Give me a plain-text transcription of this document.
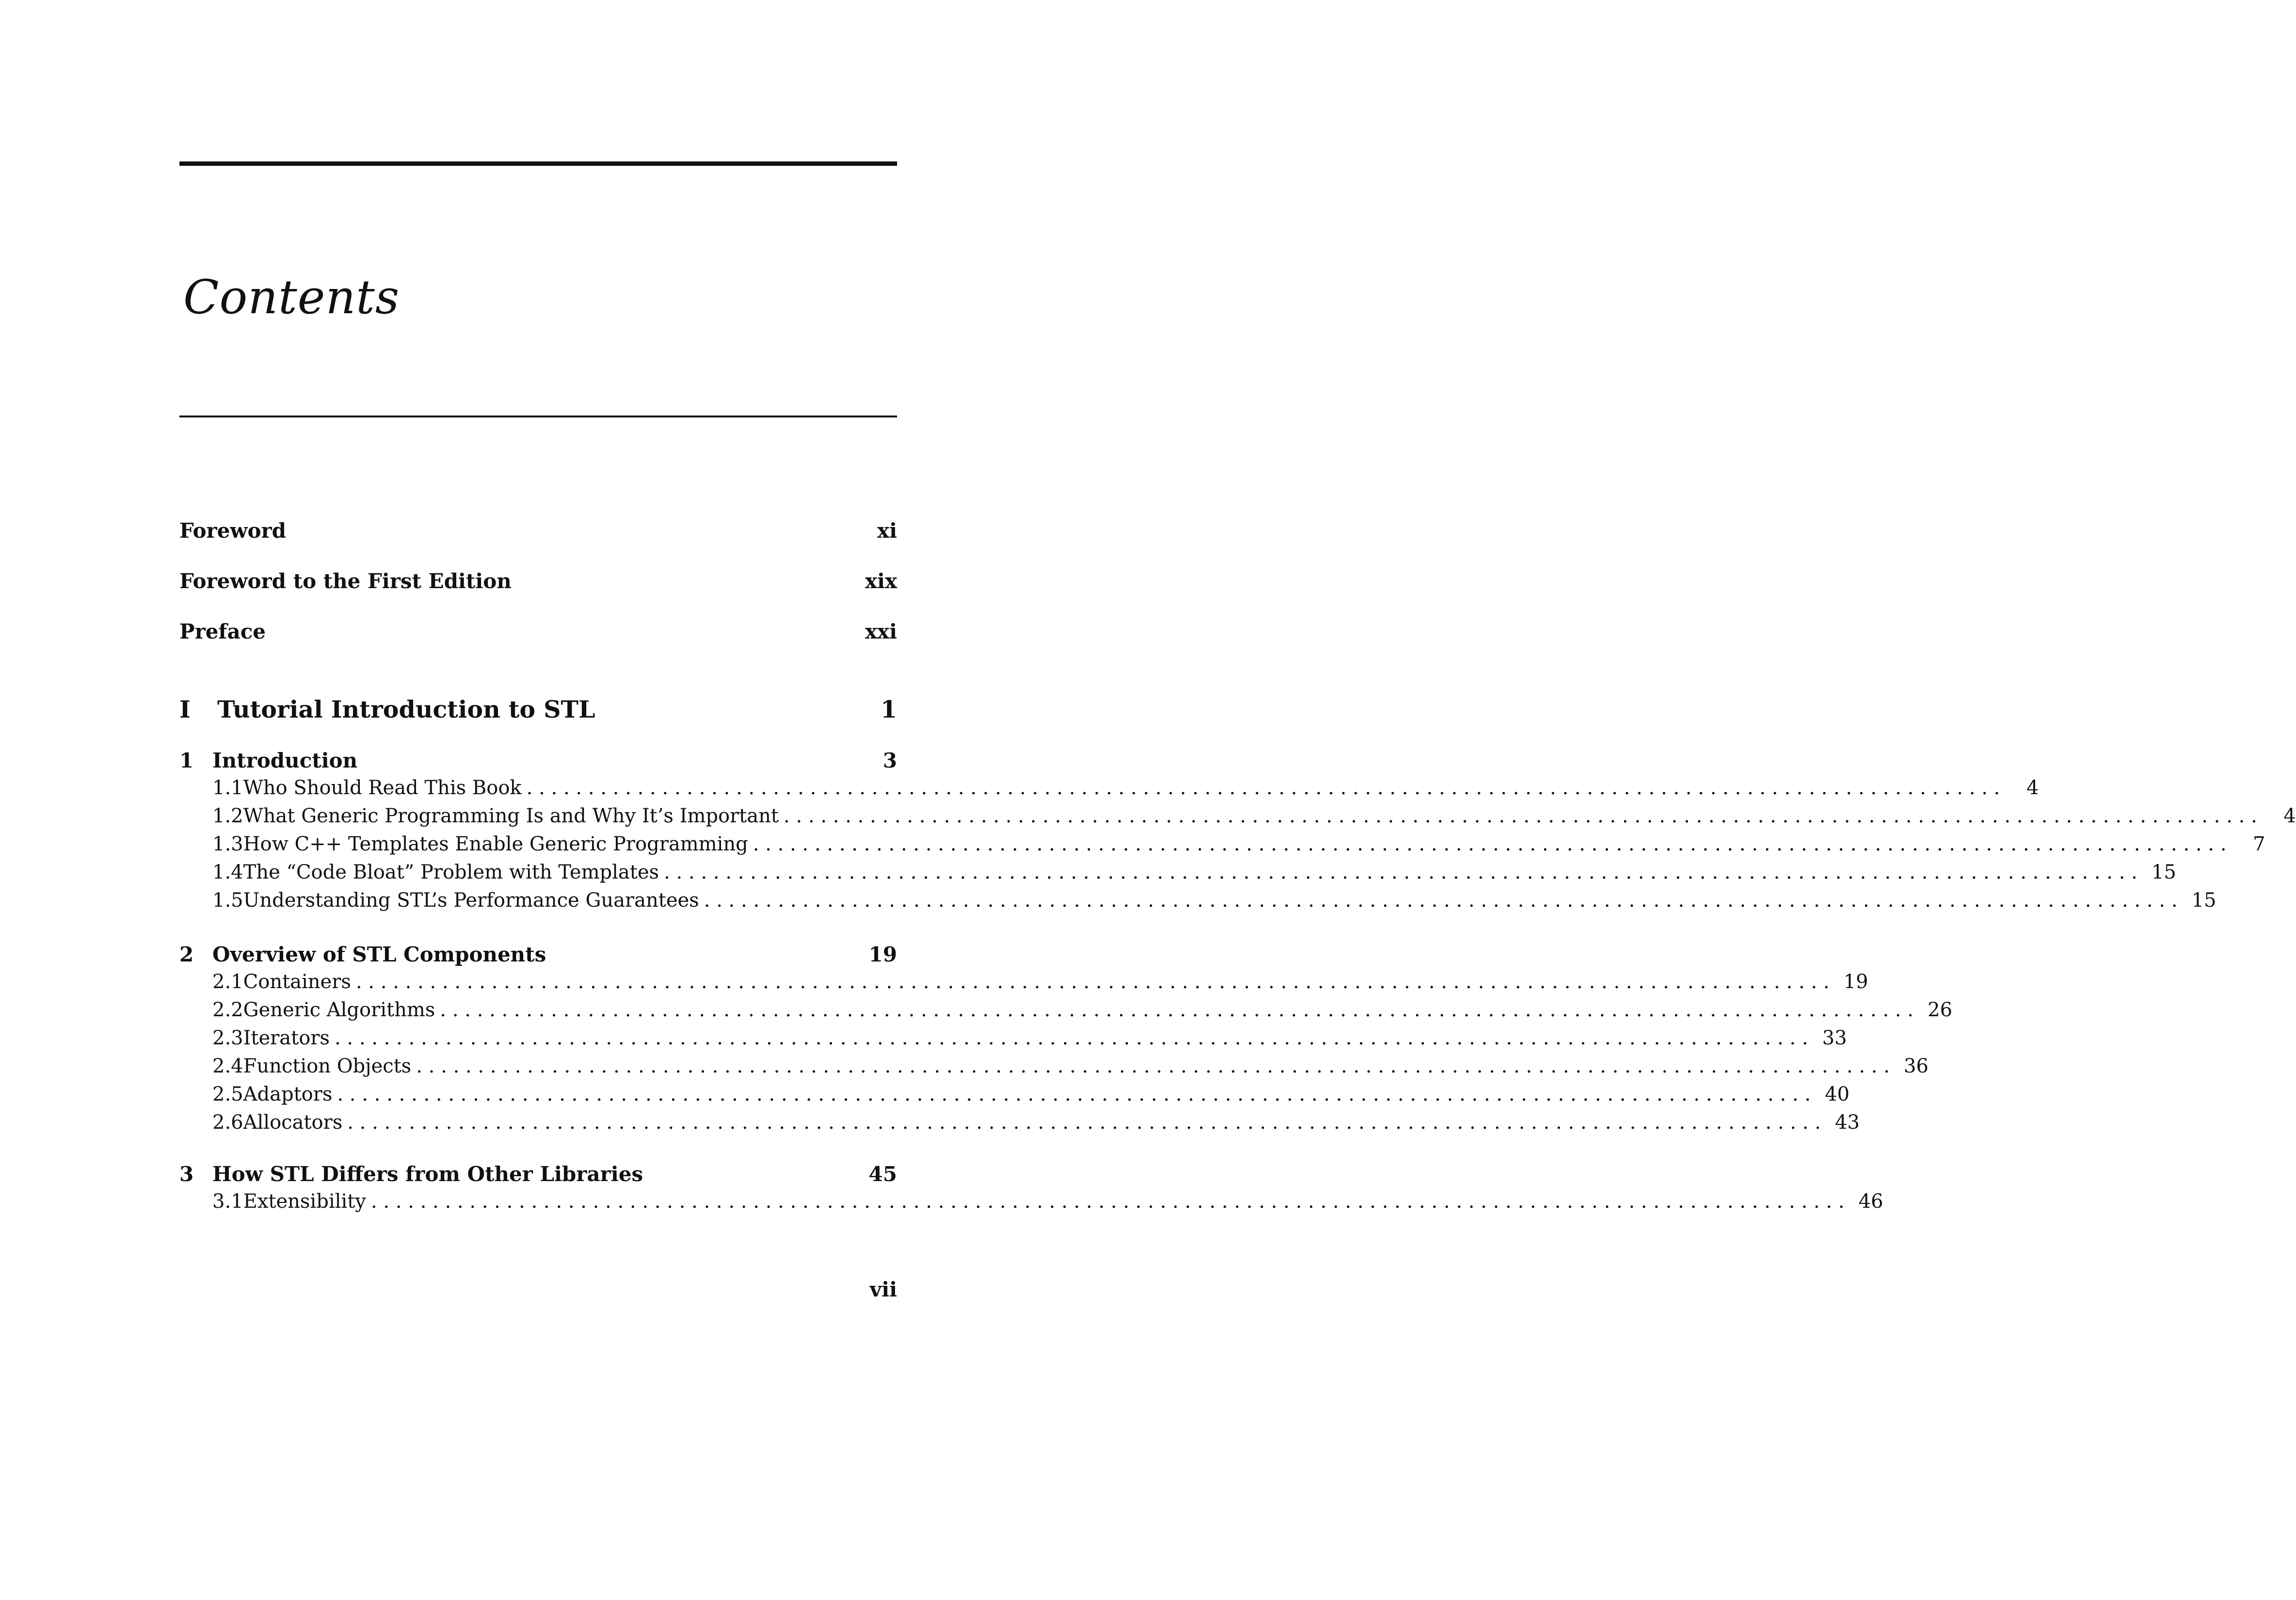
Contents
Foreword	xi
Foreword to the First Edition	xix
Preface	xxi
I	Tutorial Introduction to STL	1
1 Introduction	3
1.1 Who Should Read This Book . . . . . . . . . . . . . . . . . . . . . . . . . . . . . . . . . . . . . . . . . . . . . . . . . . . . . . . . . . . . . . . . . . . . . . . . . . . . . . . . . . . . . . . . . . . . . . . . . . . . . . . . . . . . . . . . . . . . . . . .	4
1.2 What Generic Programming Is and Why It’s Important . . . . . . . . . . . . . . . . . . . . . . . . . . . . . . . . . . . . . . . . . . . . . . . . . . . . . . . . . . . . . . . . . . . . . . . . . . . . . . . . . . . . . . . . . . . . . . . . . . . . . . . . . . . . . . . . . . . . . . . .	4
1.3 How C++ Templates Enable Generic Programming . . . . . . . . . . . . . . . . . . . . . . . . . . . . . . . . . . . . . . . . . . . . . . . . . . . . . . . . . . . . . . . . . . . . . . . . . . . . . . . . . . . . . . . . . . . . . . . . . . . . . . . . . . . . . . . . . . . . . . . .	7
1.4 The “Code Bloat” Problem with Templates . . . . . . . . . . . . . . . . . . . . . . . . . . . . . . . . . . . . . . . . . . . . . . . . . . . . . . . . . . . . . . . . . . . . . . . . . . . . . . . . . . . . . . . . . . . . . . . . . . . . . . . . . . . . . . . . . . . . . . . . 15
1.5 Understanding STL’s Performance Guarantees . . . . . . . . . . . . . . . . . . . . . . . . . . . . . . . . . . . . . . . . . . . . . . . . . . . . . . . . . . . . . . . . . . . . . . . . . . . . . . . . . . . . . . . . . . . . . . . . . . . . . . . . . . . . . . . . . . . . . . . . 15
2 Overview of STL Components	19
2.1 Containers . . . . . . . . . . . . . . . . . . . . . . . . . . . . . . . . . . . . . . . . . . . . . . . . . . . . . . . . . . . . . . . . . . . . . . . . . . . . . . . . . . . . . . . . . . . . . . . . . . . . . . . . . . . . . . . . . . . . . . . . 19
2.2 Generic Algorithms . . . . . . . . . . . . . . . . . . . . . . . . . . . . . . . . . . . . . . . . . . . . . . . . . . . . . . . . . . . . . . . . . . . . . . . . . . . . . . . . . . . . . . . . . . . . . . . . . . . . . . . . . . . . . . . . . . . . . . . . 26
2.3 Iterators . . . . . . . . . . . . . . . . . . . . . . . . . . . . . . . . . . . . . . . . . . . . . . . . . . . . . . . . . . . . . . . . . . . . . . . . . . . . . . . . . . . . . . . . . . . . . . . . . . . . . . . . . . . . . . . . . . . . . . . . 33
2.4 Function Objects . . . . . . . . . . . . . . . . . . . . . . . . . . . . . . . . . . . . . . . . . . . . . . . . . . . . . . . . . . . . . . . . . . . . . . . . . . . . . . . . . . . . . . . . . . . . . . . . . . . . . . . . . . . . . . . . . . . . . . . . 36
2.5 Adaptors . . . . . . . . . . . . . . . . . . . . . . . . . . . . . . . . . . . . . . . . . . . . . . . . . . . . . . . . . . . . . . . . . . . . . . . . . . . . . . . . . . . . . . . . . . . . . . . . . . . . . . . . . . . . . . . . . . . . . . . . 40
2.6 Allocators . . . . . . . . . . . . . . . . . . . . . . . . . . . . . . . . . . . . . . . . . . . . . . . . . . . . . . . . . . . . . . . . . . . . . . . . . . . . . . . . . . . . . . . . . . . . . . . . . . . . . . . . . . . . . . . . . . . . . . . . 43
3 How STL Differs from Other Libraries	45
3.1 Extensibility . . . . . . . . . . . . . . . . . . . . . . . . . . . . . . . . . . . . . . . . . . . . . . . . . . . . . . . . . . . . . . . . . . . . . . . . . . . . . . . . . . . . . . . . . . . . . . . . . . . . . . . . . . . . . . . . . . . . . . . . 46
vii
